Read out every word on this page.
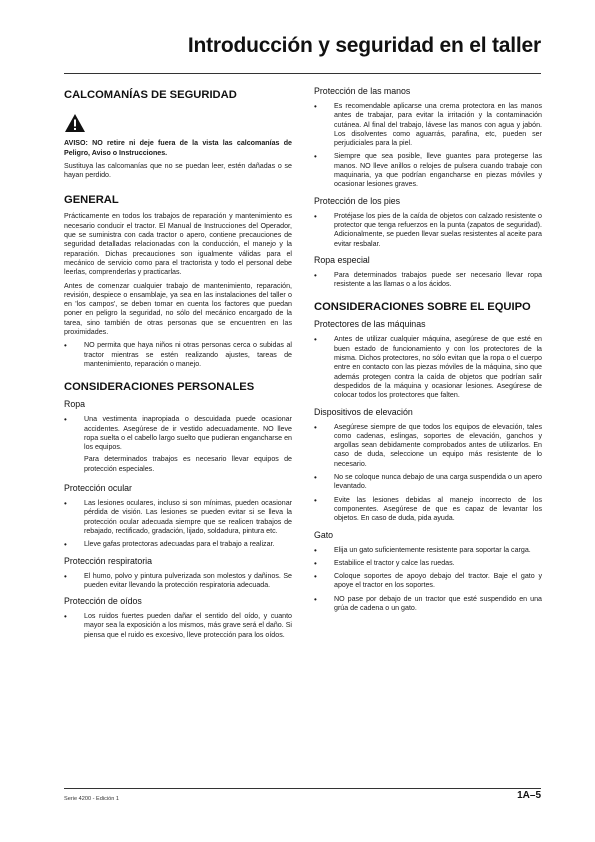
Introducción y seguridad en el taller
CALCOMANÍAS DE SEGURIDAD

AVISO: NO retire ni deje fuera de la vista las calcomanías de Peligro, Aviso o Instrucciones.

Sustituya las calcomanías que no se puedan leer, estén dañadas o se hayan perdido.

GENERAL

Prácticamente en todos los trabajos de reparación y mantenimiento es necesario conducir el tractor. El Manual de Instrucciones del Operador, que se suministra con cada tractor o apero, contiene precauciones de seguridad detalladas relacionadas con la conducción, el manejo y la reparación. Dichas precauciones son igualmente válidas para el mecánico de servicio como para el tractorista y todo el personal debe leerlas, comprenderlas y practicarlas.

Antes de comenzar cualquier trabajo de mantenimiento, reparación, revisión, despiece o ensamblaje, ya sea en las instalaciones del taller o en 'los campos', se deben tomar en cuenta los factores que puedan poner en peligro la seguridad, no sólo del mecánico encargado de la tarea, sino también de otras personas que se encuentren en las proximidades.

•	NO permita que haya niños ni otras personas cerca o subidas al tractor mientras se estén realizando ajustes, tareas de mantenimiento, reparación o manejo.
CONSIDERACIONES PERSONALES
Ropa
•	Una vestimenta inapropiada o descuidada puede ocasionar accidentes. Asegúrese de ir vestido adecuadamente. NO lleve ropa suelta o el cabello largo suelto que pudieran engancharse en los equipos.

Para determinados trabajos es necesario llevar equipos de protección especiales.

Protección ocular
•	Las lesiones oculares, incluso si son mínimas, pueden ocasionar pérdida de visión. Las lesiones se pueden evitar si se lleva la protección ocular adecuada siempre que se realicen trabajos de rebajado, rectificado, gradación, lijado, soldadura, pintura etc.
•	Lleve gafas protectoras adecuadas para el trabajo a realizar.
Protección respiratoria
•	El humo, polvo y pintura pulverizada son molestos y dañinos. Se pueden evitar llevando la protección respiratoria adecuada.
Protección de oídos
•	Los ruidos fuertes pueden dañar el sentido del oído, y cuanto mayor sea la exposición a los mismos, más grave será el daño. Si piensa que el ruido es excesivo, lleve protección para los oídos.
Protección de las manos
•	Es recomendable aplicarse una crema protectora en las manos antes de trabajar, para evitar la irritación y la contaminación cutánea. Al final del trabajo, lávese las manos con agua y jabón. Los disolventes como aguarrás, parafina, etc, pueden ser perjudiciales para la piel.
•	Siempre que sea posible, lleve guantes para protegerse las manos. NO lleve anillos o relojes de pulsera cuando trabaje con maquinaria, ya que podrían engancharse en piezas móviles y ocasionar lesiones graves.
Protección de los pies
•	Protéjase los pies de la caída de objetos con calzado resistente o protector que tenga refuerzos en la punta (zapatos de seguridad). Adicionalmente, se pueden llevar suelas resistentes al aceite para evitar resbalar.
Ropa especial
•	Para determinados trabajos puede ser necesario llevar ropa resistente a las llamas o a los ácidos.
CONSIDERACIONES SOBRE EL EQUIPO
Protectores de las máquinas
•	Antes de utilizar cualquier máquina, asegúrese de que esté en buen estado de funcionamiento y con los protectores de la misma. Dichos protectores, no sólo evitan que la ropa o el cuerpo entre en contacto con las piezas móviles de la máquina, sino que además protegen contra la caída de objetos que podrían salir despedidos de la máquina y ocasionar lesiones. Asegúrese de colocar todos los protectores que falten.
Dispositivos de elevación
•	Asegúrese siempre de que todos los equipos de elevación, tales como cadenas, eslingas, soportes de elevación, ganchos y argollas sean debidamente comprobados antes de utilizarlos. En caso de duda, seleccione un equipo más resistente de lo necesario.
•	No se coloque nunca debajo de una carga suspendida o un apero levantado.
•	Evite las lesiones debidas al manejo incorrecto de los componentes. Asegúrese de que es capaz de levantar los objetos. En caso de duda, pida ayuda.
Gato
•	Elija un gato suficientemente resistente para soportar la carga.
•	Estabilice el tractor y calce las ruedas.
•	Coloque soportes de apoyo debajo del tractor. Baje el gato y apoye el tractor en los soportes.
•	NO pase por debajo de un tractor que esté suspendido en una grúa de cadena o un gato.
Serie 4200 - Edición 1	1A–5
